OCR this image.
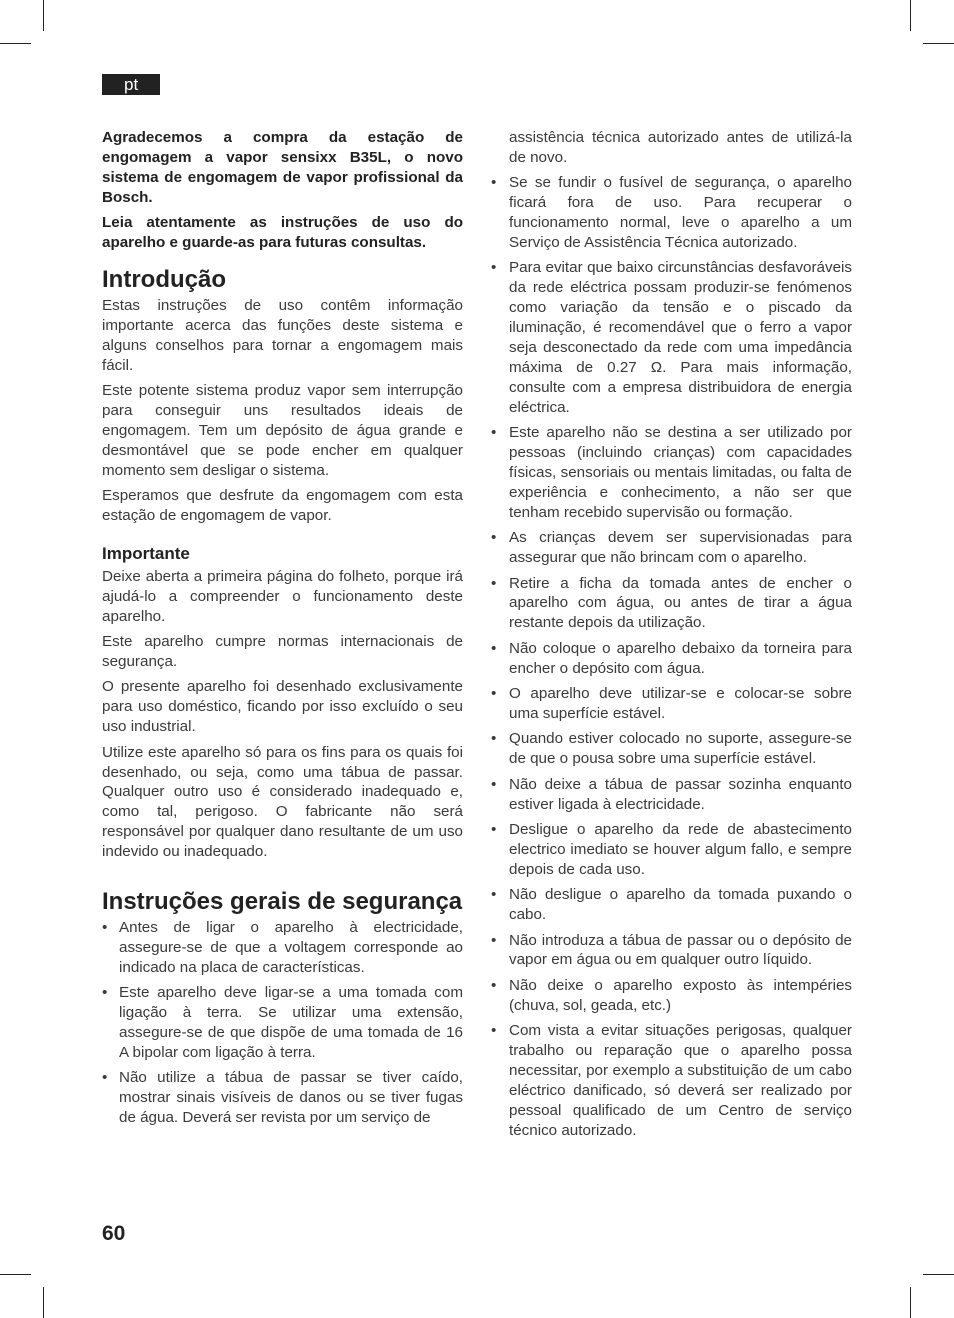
pt

Agradecemos a compra da estação de engomagem a vapor sensixx B35L, o novo sistema de engomagem de vapor profissional da Bosch.

Leia atentamente as instruções de uso do aparelho e guarde-as para futuras consultas.

Introdução

Estas instruções de uso contêm informação importante acerca das funções deste sistema e alguns conselhos para tornar a engomagem mais fácil.

Este potente sistema produz vapor sem interrupção para conseguir uns resultados ideais de engomagem. Tem um depósito de água grande e desmontável que se pode encher em qualquer momento sem desligar o sistema.

Esperamos que desfrute da engomagem com esta estação de engomagem de vapor.

Importante

Deixe aberta a primeira página do folheto, porque irá ajudá-lo a compreender o funcionamento deste aparelho.

Este aparelho cumpre normas internacionais de segurança.

O presente aparelho foi desenhado exclusivamente para uso doméstico, ficando por isso excluído o seu uso industrial.

Utilize este aparelho só para os fins para os quais foi desenhado, ou seja, como uma tábua de passar. Qualquer outro uso é considerado inadequado e, como tal, perigoso. O fabricante não será responsável por qualquer dano resultante de um uso indevido ou inadequado.

Instruções gerais de segurança
• Antes de ligar o aparelho à electricidade, assegure-se de que a voltagem corresponde ao indicado na placa de características.
• Este aparelho deve ligar-se a uma tomada com ligação à terra. Se utilizar uma extensão, assegure-se de que dispõe de uma tomada de 16 A bipolar com ligação à terra.
• Não utilize a tábua de passar se tiver caído, mostrar sinais visíveis de danos ou se tiver fugas de água. Deverá ser revista por um serviço de

assistência técnica autorizado antes de utilizá-la de novo.

• Se se fundir o fusível de segurança, o aparelho ficará fora de uso. Para recuperar o funcionamento normal, leve o aparelho a um Serviço de Assistência Técnica autorizado.
• Para evitar que baixo circunstâncias desfavoráveis da rede eléctrica possam produzir-se fenómenos como variação da tensão e o piscado da iluminação, é recomendável que o ferro a vapor seja desconectado da rede com uma impedância máxima de 0.27 Ω. Para mais informação, consulte com a empresa distribuidora de energia eléctrica.
• Este aparelho não se destina a ser utilizado por pessoas (incluindo crianças) com capacidades físicas, sensoriais ou mentais limitadas, ou falta de experiência e conhecimento, a não ser que tenham recebido supervisão ou formação.
• As crianças devem ser supervisionadas para assegurar que não brincam com o aparelho.
• Retire a ficha da tomada antes de encher o aparelho com água, ou antes de tirar a água restante depois da utilização.
• Não coloque o aparelho debaixo da torneira para encher o depósito com água.
• O aparelho deve utilizar-se e colocar-se sobre uma superfície estável.
• Quando estiver colocado no suporte, assegure-se de que o pousa sobre uma superfície estável.
• Não deixe a tábua de passar sozinha enquanto estiver ligada à electricidade.
• Desligue o aparelho da rede de abastecimento electrico imediato se houver algum fallo, e sempre depois de cada uso.
• Não desligue o aparelho da tomada puxando o cabo.
• Não introduza a tábua de passar ou o depósito de vapor em água ou em qualquer outro líquido.
• Não deixe o aparelho exposto às intempéries (chuva, sol, geada, etc.)
• Com vista a evitar situações perigosas, qualquer trabalho ou reparação que o aparelho possa necessitar, por exemplo a substituição de um cabo eléctrico danificado, só deverá ser realizado por pessoal qualificado de um Centro de serviço técnico autorizado.
60
